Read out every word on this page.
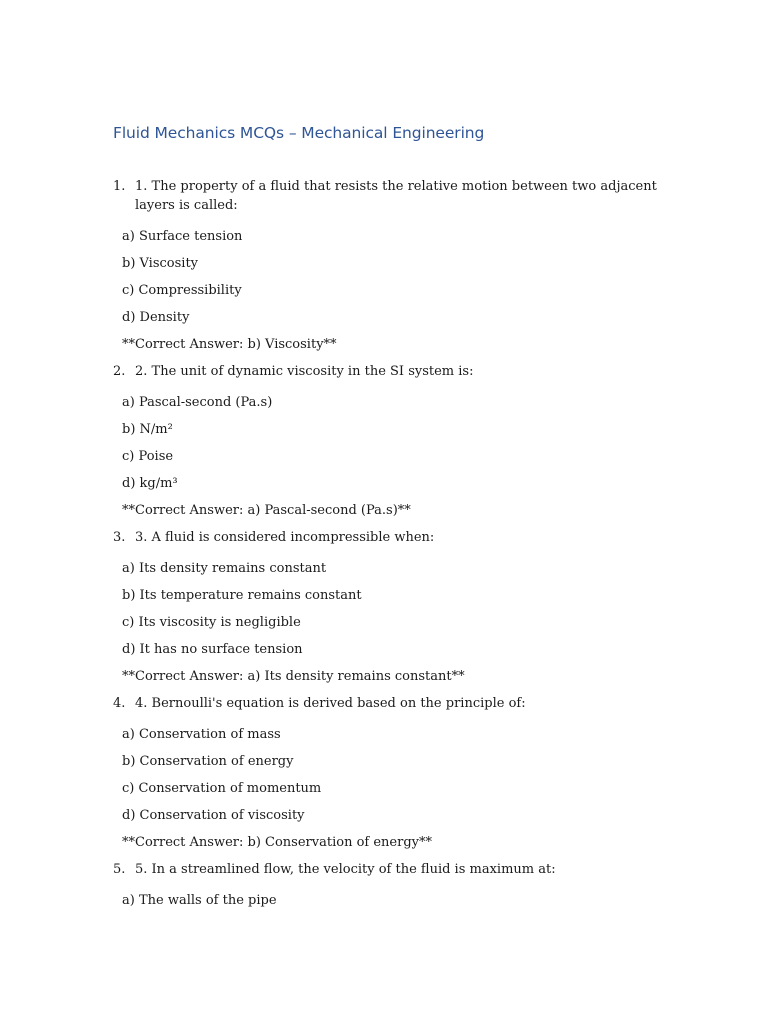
Fluid Mechanics MCQs – Mechanical Engineering
1. 1. The property of a fluid that resists the relative motion between two adjacent layers is called:
a) Surface tension
b) Viscosity
c) Compressibility
d) Density
**Correct Answer: b) Viscosity**
2. 2. The unit of dynamic viscosity in the SI system is:
a) Pascal-second (Pa.s)
b) N/m²
c) Poise
d) kg/m³
**Correct Answer: a) Pascal-second (Pa.s)**
3. 3. A fluid is considered incompressible when:
a) Its density remains constant
b) Its temperature remains constant
c) Its viscosity is negligible
d) It has no surface tension
**Correct Answer: a) Its density remains constant**
4. 4. Bernoulli's equation is derived based on the principle of:
a) Conservation of mass
b) Conservation of energy
c) Conservation of momentum
d) Conservation of viscosity
**Correct Answer: b) Conservation of energy**
5. 5. In a streamlined flow, the velocity of the fluid is maximum at:
a) The walls of the pipe
